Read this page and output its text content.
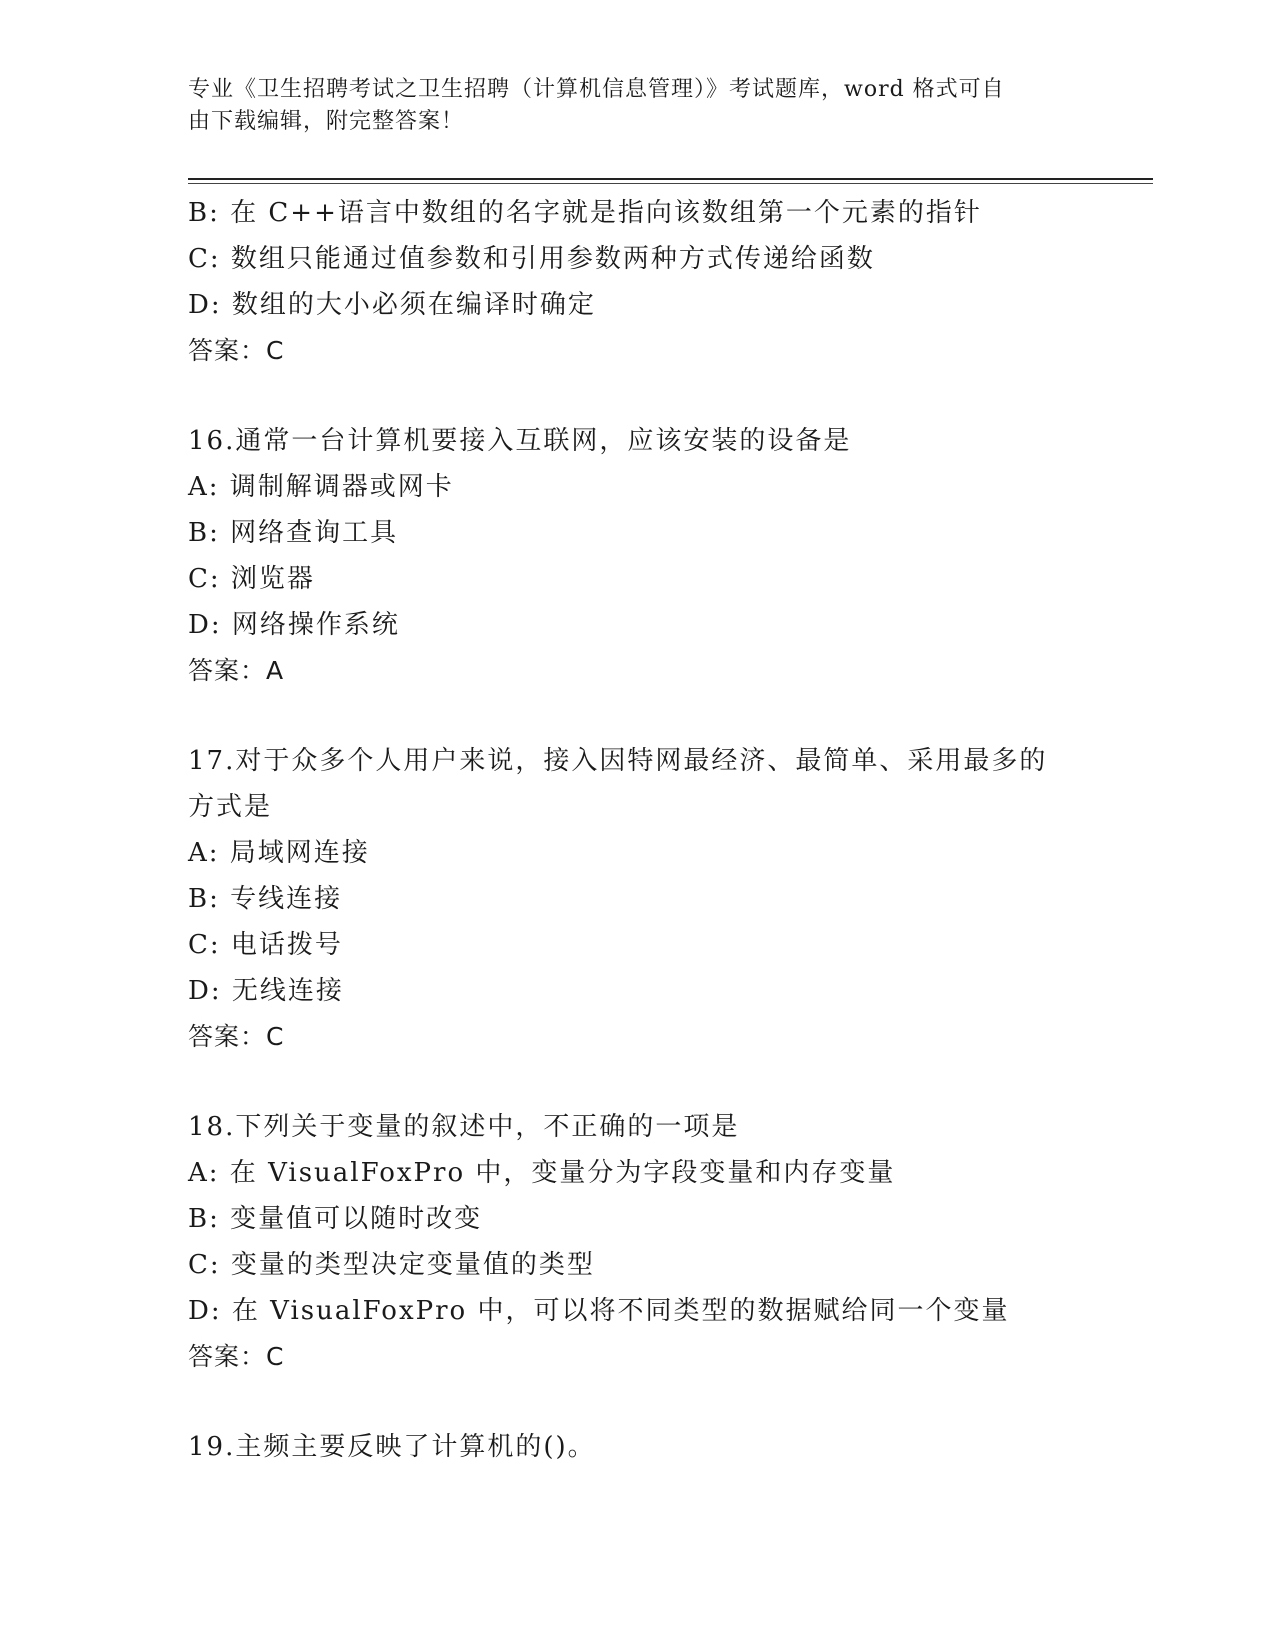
专业《卫生招聘考试之卫生招聘（计算机信息管理）》考试题库，word 格式可自
由下载编辑，附完整答案！
B: 在 C++语言中数组的名字就是指向该数组第一个元素的指针
C: 数组只能通过值参数和引用参数两种方式传递给函数
D: 数组的大小必须在编译时确定
答案：C
16.通常一台计算机要接入互联网，应该安装的设备是
A: 调制解调器或网卡
B: 网络查询工具
C: 浏览器
D: 网络操作系统
答案：A
17.对于众多个人用户来说，接入因特网最经济、最简单、采用最多的
方式是
A: 局域网连接
B: 专线连接
C: 电话拨号
D: 无线连接
答案：C
18.下列关于变量的叙述中，不正确的一项是
A: 在 VisualFoxPro 中，变量分为字段变量和内存变量
B: 变量值可以随时改变
C: 变量的类型决定变量值的类型
D: 在 VisualFoxPro 中，可以将不同类型的数据赋给同一个变量
答案：C
19.主频主要反映了计算机的()。
